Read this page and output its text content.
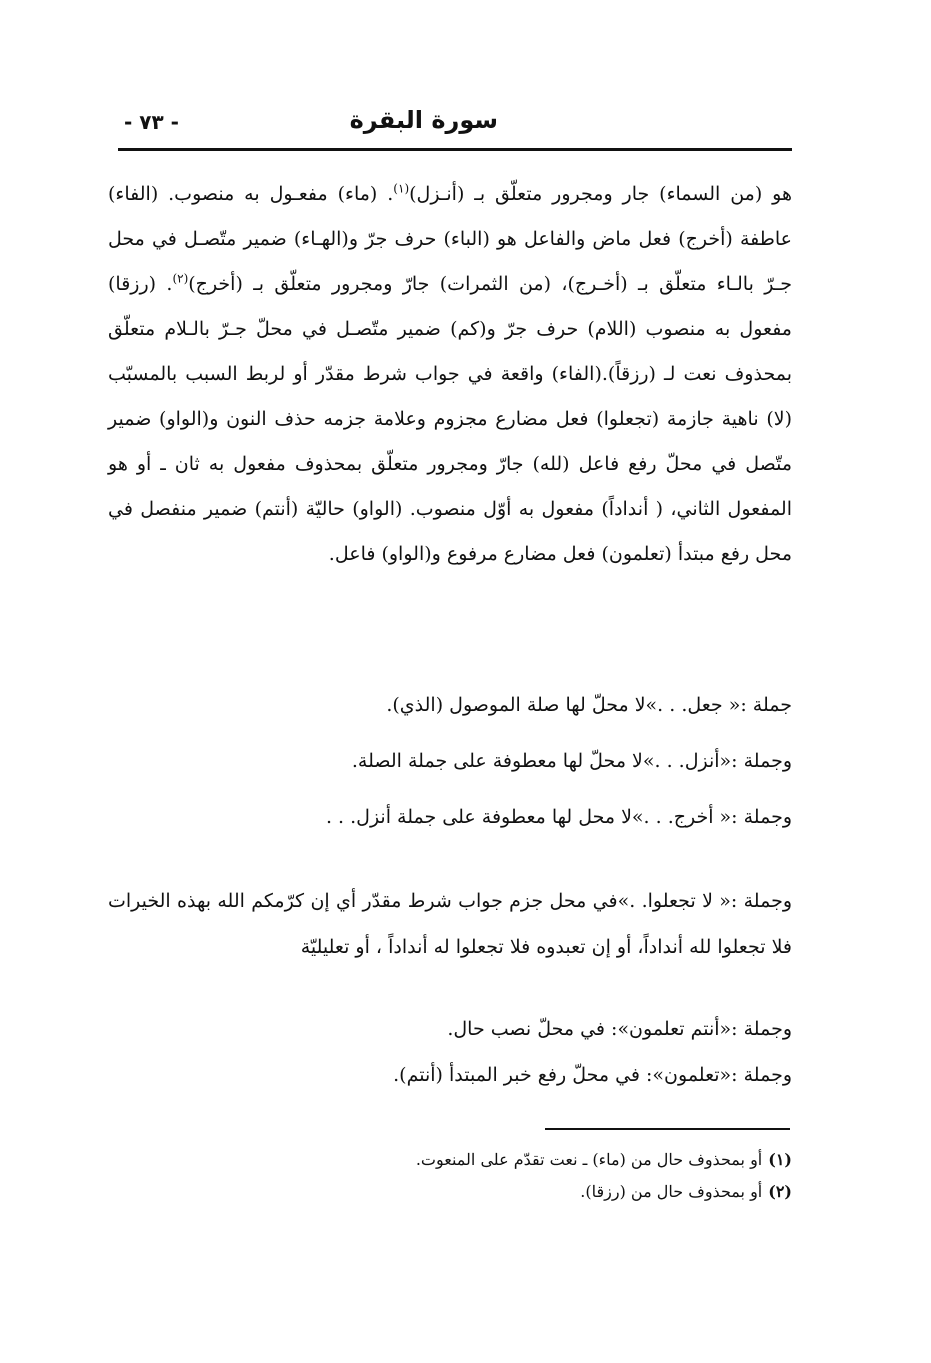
سورة البقرة
- ٧٣ -

هو (من السماء) جار ومجرور متعلّق بـ (أنـزل)$^{(١)}$. (ماء) مفعـول به منصوب. (الفاء) عاطفة (أخرج) فعل ماض والفاعل هو (الباء) حرف جرّ و(الهـاء) ضمير متّصـل في محل جـرّ بالـاء متعلّق بـ (أخـرج)، (من الثمرات) جارّ ومجرور متعلّق بـ (أخرج)$^{(٢)}$. (رزقا) مفعول به منصوب (اللام) حرف جرّ و(كم) ضمير متّصـل في محلّ جـرّ بالـلام متعلّق بمحذوف نعت لـ (رزقاً).(الفاء) واقعة في جواب شرط مقدّر أو لربط السبب بالمسبّب (لا) ناهية جازمة (تجعلوا) فعل مضارع مجزوم وعلامة جزمه حذف النون و(الواو) ضمير متّصل في محلّ رفع فاعل (لله) جارّ ومجرور متعلّق بمحذوف مفعول به ثان ـ أو هو المفعول الثاني، ( أنداداً) مفعول به أوّل منصوب. (الواو) حاليّة (أنتم) ضمير منفصل في محل رفع مبتدأ (تعلمون) فعل مضارع مرفوع و(الواو) فاعل.

جملة :« جعل. . .»لا محلّ لها صلة الموصول (الذي).
وجملة :«أنزل. . .»لا محلّ لها معطوفة على جملة الصلة.
وجملة :« أخرج. . .»لا محل لها معطوفة على جملة أنزل. . .

وجملة :« لا تجعلوا. .»في محل جزم جواب شرط مقدّر أي إن كرّمكم الله بهذه الخيرات فلا تجعلوا لله أنداداً، أو إن تعبدوه فلا تجعلوا له أنداداً ، أو تعليليّة

وجملة :«أنتم تعلمون»: في محلّ نصب حال.
وجملة :«تعلمون»: في محلّ رفع خبر المبتدأ (أنتم).
(١)أو بمحذوف حال من (ماء) ـ نعت تقدّم على المنعوت.
(٢)أو بمحذوف حال من (رزقا).
